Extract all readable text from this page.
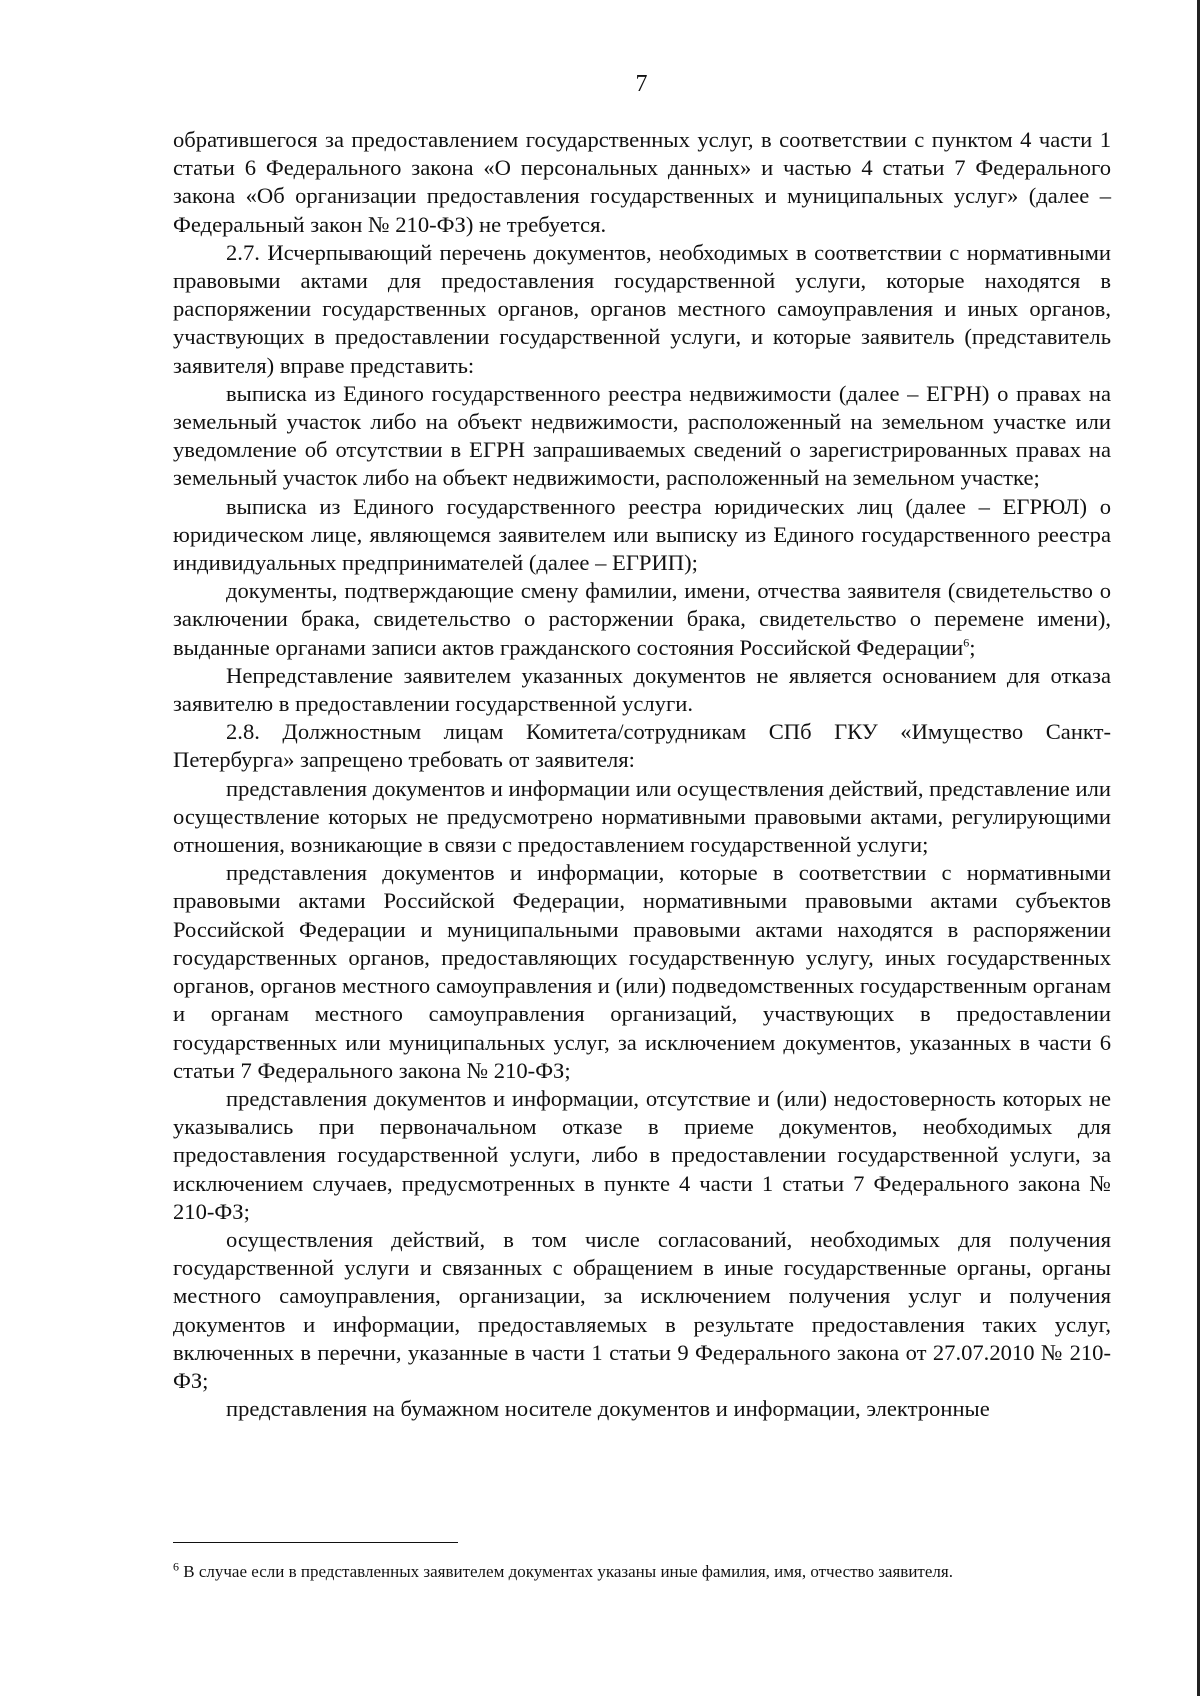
7

обратившегося за предоставлением государственных услуг, в соответствии с пунктом 4 части 1 статьи 6 Федерального закона «О персональных данных» и частью 4 статьи 7 Федерального закона «Об организации предоставления государственных и муниципальных услуг» (далее – Федеральный закон № 210-ФЗ) не требуется.

2.7. Исчерпывающий перечень документов, необходимых в соответствии с нормативными правовыми актами для предоставления государственной услуги, которые находятся в распоряжении государственных органов, органов местного самоуправления и иных органов, участвующих в предоставлении государственной услуги, и которые заявитель (представитель заявителя) вправе представить:

выписка из Единого государственного реестра недвижимости (далее – ЕГРН) о правах на земельный участок либо на объект недвижимости, расположенный на земельном участке или уведомление об отсутствии в ЕГРН запрашиваемых сведений о зарегистрированных правах на земельный участок либо на объект недвижимости, расположенный на земельном участке;

выписка из Единого государственного реестра юридических лиц (далее – ЕГРЮЛ) о юридическом лице, являющемся заявителем или выписку из Единого государственного реестра индивидуальных предпринимателей (далее – ЕГРИП);

документы, подтверждающие смену фамилии, имени, отчества заявителя (свидетельство о заключении брака, свидетельство о расторжении брака, свидетельство о перемене имени), выданные органами записи актов гражданского состояния Российской Федерации$^6$;

Непредставление заявителем указанных документов не является основанием для отказа заявителю в предоставлении государственной услуги.

2.8. Должностным лицам Комитета/сотрудникам СПб ГКУ «Имущество Санкт-Петербурга» запрещено требовать от заявителя:

представления документов и информации или осуществления действий, представление или осуществление которых не предусмотрено нормативными правовыми актами, регулирующими отношения, возникающие в связи с предоставлением государственной услуги;

представления документов и информации, которые в соответствии с нормативными правовыми актами Российской Федерации, нормативными правовыми актами субъектов Российской Федерации и муниципальными правовыми актами находятся в распоряжении государственных органов, предоставляющих государственную услугу, иных государственных органов, органов местного самоуправления и (или) подведомственных государственным органам и органам местного самоуправления организаций, участвующих в предоставлении государственных или муниципальных услуг, за исключением документов, указанных в части 6 статьи 7 Федерального закона № 210-ФЗ;

представления документов и информации, отсутствие и (или) недостоверность которых не указывались при первоначальном отказе в приеме документов, необходимых для предоставления государственной услуги, либо в предоставлении государственной услуги, за исключением случаев, предусмотренных в пункте 4 части 1 статьи 7 Федерального закона № 210-ФЗ;

осуществления действий, в том числе согласований, необходимых для получения государственной услуги и связанных с обращением в иные государственные органы, органы местного самоуправления, организации, за исключением получения услуг и получения документов и информации, предоставляемых в результате предоставления таких услуг, включенных в перечни, указанные в части 1 статьи 9 Федерального закона от 27.07.2010 № 210-ФЗ;

представления на бумажном носителе документов и информации, электронные

$^6$ В случае если в представленных заявителем документах указаны иные фамилия, имя, отчество заявителя.
